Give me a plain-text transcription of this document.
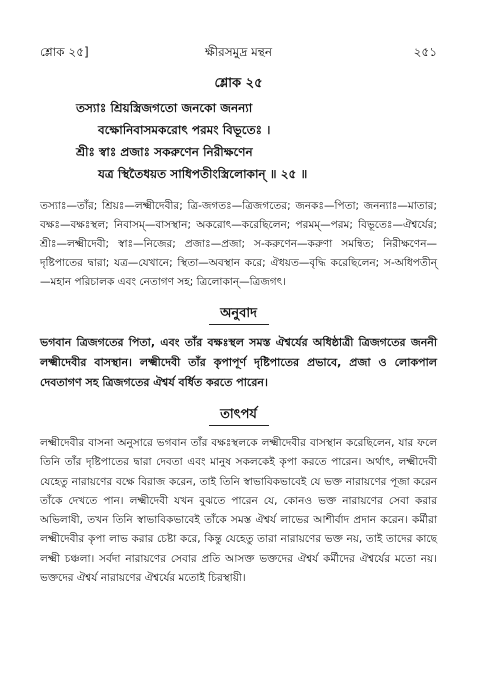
শ্লোক ২৫]	ক্ষীরসমুদ্র মন্থন	২৫১
শ্লোক ২৫
তস্যাঃ শ্রিয়স্ত্রিজগতো জনকো জনন্যা
বক্ষোনিবাসমকরোৎ পরমং বিভূতেঃ ।
শ্রীঃ স্বাঃ প্রজাঃ সকরুণেন নিরীক্ষণেন
যত্র স্থিতৈধয়ত সাধিপতীংস্ত্রিলোকান্ ॥ ২৫ ॥
তস্যাঃ—তাঁর; শ্রিয়ঃ—লক্ষ্মীদেবীর; ত্রি-জগতঃ—ত্রিজগতের; জনকঃ—পিতা; জনন্যাঃ—মাতার; বক্ষঃ—বক্ষঃস্থল; নিবাসম্—বাসস্থান; অকরোৎ—করেছিলেন; পরমম্—পরম; বিভূতেঃ—ঐশ্বর্যের; শ্রীঃ—লক্ষ্মীদেবী; স্বাঃ—নিজের; প্রজাঃ—প্রজা; স-করুণেন—করুণা সমন্বিত; নিরীক্ষণেন—দৃষ্টিপাতের দ্বারা; যত্র—যেখানে; স্থিতা—অবস্থান করে; ঐধয়ত—বৃদ্ধি করেছিলেন; স-অধিপতীন্—মহান পরিচালক এবং নেতাগণ সহ; ত্রিলোকান্—ত্রিজগৎ।
অনুবাদ
ভগবান ত্রিজগতের পিতা, এবং তাঁর বক্ষঃস্থল সমস্ত ঐশ্বর্যের অধিষ্ঠাত্রী ত্রিজগতের জননী লক্ষ্মীদেবীর বাসস্থান। লক্ষ্মীদেবী তাঁর কৃপাপূর্ণ দৃষ্টিপাতের প্রভাবে, প্রজা ও লোকপাল দেবতাগণ সহ ত্রিজগতের ঐশ্বর্য বর্ধিত করতে পারেন।
তাৎপর্য
লক্ষ্মীদেবীর বাসনা অনুসারে ভগবান তাঁর বক্ষঃস্থলকে লক্ষ্মীদেবীর বাসস্থান করেছিলেন, যার ফলে তিনি তাঁর দৃষ্টিপাতের দ্বারা দেবতা এবং মানুষ সকলকেই কৃপা করতে পারেন। অর্থাৎ, লক্ষ্মীদেবী যেহেতু নারায়ণের বক্ষে বিরাজ করেন, তাই তিনি স্বাভাবিকভাবেই যে ভক্ত নারায়ণের পূজা করেন তাঁকে দেখতে পান। লক্ষ্মীদেবী যখন বুঝতে পারেন যে, কোনও ভক্ত নারায়ণের সেবা করার অভিলাষী, তখন তিনি স্বাভাবিকভাবেই তাঁকে সমস্ত ঐশ্বর্য লাভের আশীর্বাদ প্রদান করেন। কর্মীরা লক্ষ্মীদেবীর কৃপা লাভ করার চেষ্টা করে, কিন্তু যেহেতু তারা নারায়ণের ভক্ত নয়, তাই তাদের কাছে লক্ষ্মী চঞ্চলা। সর্বদা নারায়ণের সেবার প্রতি আসক্ত ভক্তদের ঐশ্বর্য কর্মীদের ঐশ্বর্যের মতো নয়। ভক্তদের ঐশ্বর্য নারায়ণের ঐশ্বর্যের মতোই চিরস্থায়ী।
